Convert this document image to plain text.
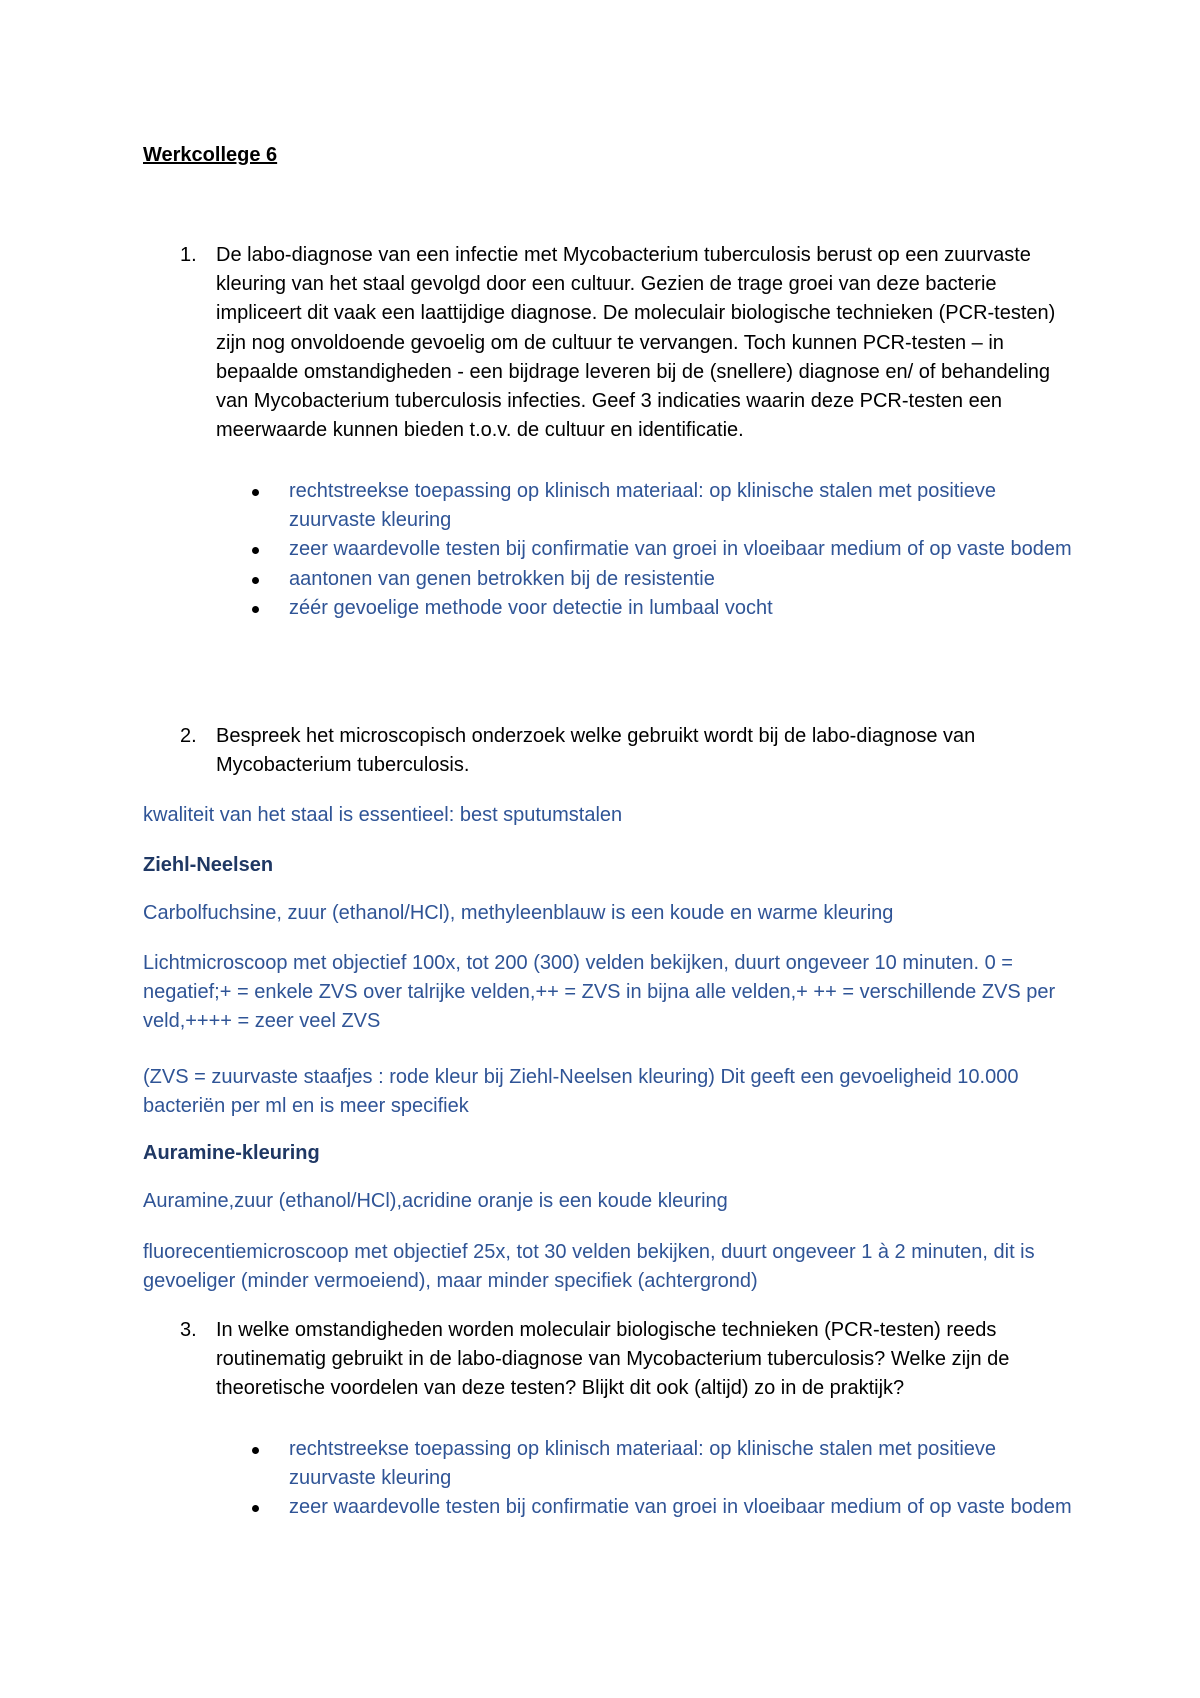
Werkcollege 6
1. De labo-diagnose van een infectie met Mycobacterium tuberculosis berust op een zuurvaste kleuring van het staal gevolgd door een cultuur. Gezien de trage groei van deze bacterie impliceert dit vaak een laattijdige diagnose. De moleculair biologische technieken (PCR-testen) zijn nog onvoldoende gevoelig om de cultuur te vervangen. Toch kunnen PCR-testen – in bepaalde omstandigheden - een bijdrage leveren bij de (snellere) diagnose en/ of behandeling van Mycobacterium tuberculosis infecties. Geef 3 indicaties waarin deze PCR-testen een meerwaarde kunnen bieden t.o.v. de cultuur en identificatie.
rechtstreekse toepassing op klinisch materiaal: op klinische stalen met positieve zuurvaste kleuring
zeer waardevolle testen bij confirmatie van groei in vloeibaar medium of op vaste bodem
aantonen van genen betrokken bij de resistentie
zéér gevoelige methode voor detectie in lumbaal vocht
2. Bespreek het microscopisch onderzoek welke gebruikt wordt bij de labo-diagnose van Mycobacterium tuberculosis.
kwaliteit van het staal is essentieel: best sputumstalen
Ziehl-Neelsen
Carbolfuchsine, zuur (ethanol/HCl), methyleenblauw is een koude en warme kleuring
Lichtmicroscoop met objectief 100x, tot 200 (300) velden bekijken, duurt ongeveer 10 minuten. 0 = negatief;+ = enkele ZVS over talrijke velden,++ = ZVS in bijna alle velden,+ ++ = verschillende ZVS per veld,++++ = zeer veel ZVS
(ZVS = zuurvaste staafjes : rode kleur bij Ziehl-Neelsen kleuring) Dit geeft een gevoeligheid 10.000 bacteriën per ml en is meer specifiek
Auramine-kleuring
Auramine,zuur (ethanol/HCl),acridine oranje is een koude kleuring
fluorecentiemicroscoop met objectief 25x, tot 30 velden bekijken, duurt ongeveer 1 à 2 minuten, dit is gevoeliger (minder vermoeiend), maar minder specifiek (achtergrond)
3. In welke omstandigheden worden moleculair biologische technieken (PCR-testen) reeds routinematig gebruikt in de labo-diagnose van Mycobacterium tuberculosis? Welke zijn de theoretische voordelen van deze testen? Blijkt dit ook (altijd) zo in de praktijk?
rechtstreekse toepassing op klinisch materiaal: op klinische stalen met positieve zuurvaste kleuring
zeer waardevolle testen bij confirmatie van groei in vloeibaar medium of op vaste bodem
